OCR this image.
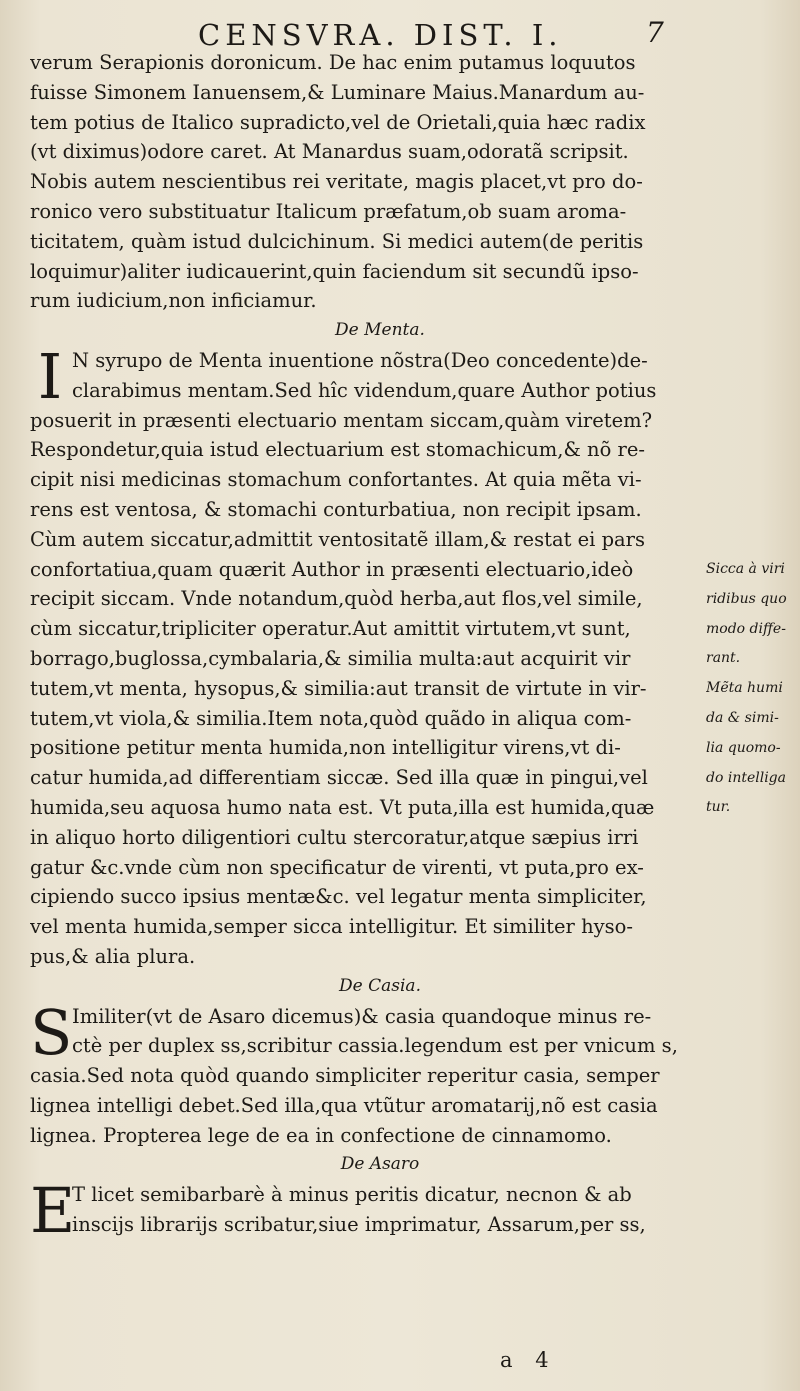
CENSVRA. DIST. I.	7
verum Serapionis doronicum. De hac enim putamus loquutos
fuisse Simonem Ianuensem,& Luminare Maius.Manardum au-
tem potius de Italico supradicto,vel de Orietali,quia hæc radix
(vt diximus)odore caret. At Manardus suam,odoratã scripsit.
Nobis autem nescientibus rei veritate, magis placet,vt pro do-
ronico vero substituatur Italicum præfatum,ob suam aroma-
ticitatem, quàm istud dulcichinum. Si medici autem(de peritis
loquimur)aliter iudicauerint,quin faciendum sit secundũ ipso-
rum iudicium,non inficiamur.
De Menta.
I N syrupo de Menta inuentione nõstra(Deo concedente)de-
clarabimus mentam.Sed hîc videndum,quare Author potius
posuerit in præsenti electuario mentam siccam,quàm viretem?
Respondetur,quia istud electuarium est stomachicum,& nõ re-
cipit nisi medicinas stomachum confortantes. At quia mẽta vi-
rens est ventosa, & stomachi conturbatiua, non recipit ipsam.
Cùm autem siccatur,admittit ventositatẽ illam,& restat ei pars
confortatiua,quam quærit Author in præsenti electuario,ideò
recipit siccam. Vnde notandum,quòd herba,aut flos,vel simile,
cùm siccatur,tripliciter operatur.Aut amittit virtutem,vt sunt,
borrago,buglossa,cymbalaria,& similia multa:aut acquirit vir
tutem,vt menta, hysopus,& similia:aut transit de virtute in vir-
tutem,vt viola,& similia.Item nota,quòd quãdo in aliqua com-
positione petitur menta humida,non intelligitur virens,vt di-
catur humida,ad differentiam siccæ. Sed illa quæ in pingui,vel
humida,seu aquosa humo nata est. Vt puta,illa est humida,quæ
in aliquo horto diligentiori cultu stercoratur,atque sæpius irri
gatur &c.vnde cùm non specificatur de virenti, vt puta,pro ex-
cipiendo succo ipsius mentæ&c. vel legatur menta simpliciter,
vel menta humida,semper sicca intelligitur. Et similiter hyso-
pus,& alia plura.
De Casia.
S Imiliter(vt de Asaro dicemus)& casia quandoque minus re-
ctè per duplex ss,scribitur cassia.legendum est per vnicum s,
casia.Sed nota quòd quando simpliciter reperitur casia, semper
lignea intelligi debet.Sed illa,qua vtũtur aromatarij,nõ est casia
lignea. Propterea lege de ea in confectione de cinnamomo.
De Asaro
E
T licet semibarbarè à minus peritis dicatur, necnon & ab
inscijs librarijs scribatur,siue imprimatur, Assarum,per ss,
Sicca à viri
ridibus quo
modo diffe-
rant.
Mẽta humi
da & simi-
lia quomo-
do intelliga
tur.
a 4
